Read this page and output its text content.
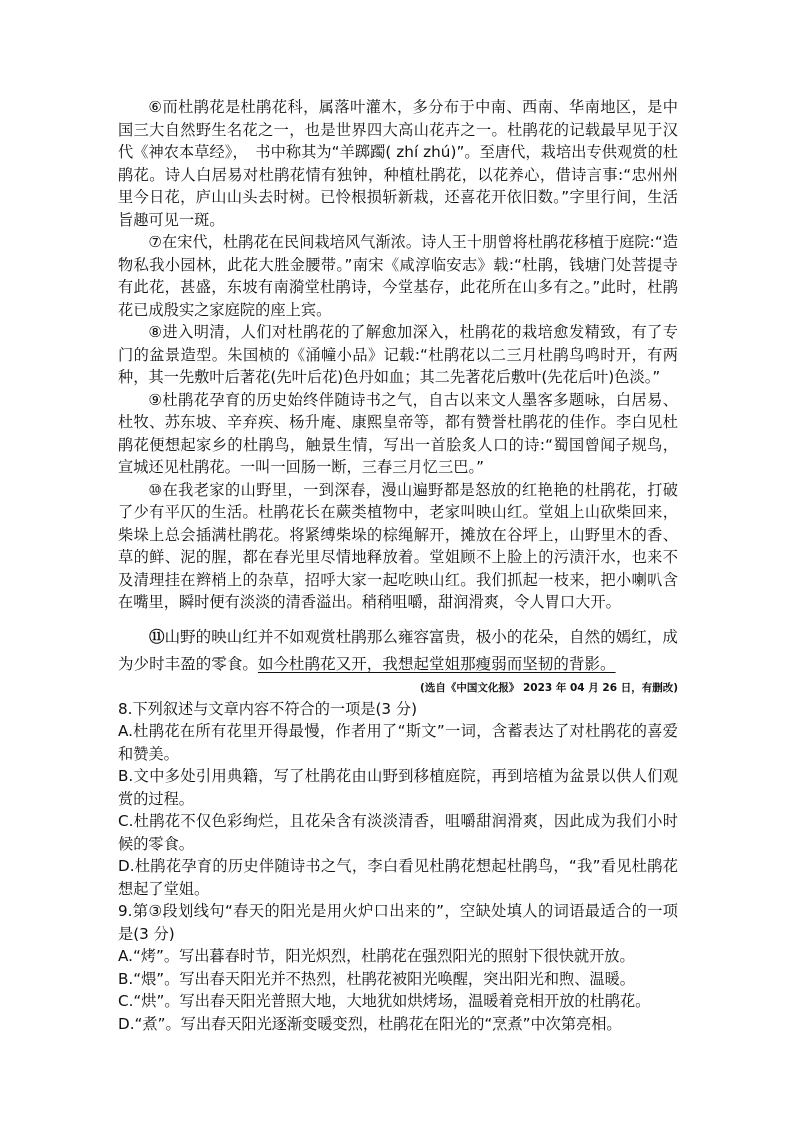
⑥而杜鹃花是杜鹃花科，属落叶灌木，多分布于中南、西南、华南地区，是中国三大自然野生名花之一，也是世界四大高山花卉之一。杜鹃花的记载最早见于汉代《神农本草经》，　书中称其为“羊踯躅( zhí zhú)”。至唐代，栽培出专供观赏的杜鹃花。诗人白居易对杜鹃花情有独钟，种植杜鹃花，以花养心，借诗言事:“忠州州里今日花，庐山山头去时树。已怜根损斩新栽，还喜花开依旧数。”字里行间，生活旨趣可见一斑。

⑦在宋代，杜鹃花在民间栽培风气渐浓。诗人王十朋曾将杜鹃花移植于庭院:“造物私我小园林，此花大胜金腰带。”南宋《咸淳临安志》载:“杜鹃，钱塘门处菩提寺有此花，甚盛，东坡有南漪堂杜鹃诗，今堂基存，此花所在山多有之。”此时，杜鹃花已成殷实之家庭院的座上宾。

⑧进入明清，人们对杜鹃花的了解愈加深入，杜鹃花的栽培愈发精致，有了专门的盆景造型。朱国桢的《涌幢小品》记载:“杜鹃花以二三月杜鹃鸟鸣时开，有两种，其一先敷叶后著花(先叶后花)色丹如血；其二先著花后敷叶(先花后叶)色淡。”

⑨杜鹃花孕育的历史始终伴随诗书之气，自古以来文人墨客多题咏，白居易、杜牧、苏东坡、辛弃疾、杨升庵、康熙皇帝等，都有赞誉杜鹃花的佳作。李白见杜鹃花便想起家乡的杜鹃鸟，触景生情，写出一首脍炙人口的诗:“蜀国曾闻子规鸟，宣城还见杜鹃花。一叫一回肠一断，三春三月忆三巴。”

⑩在我老家的山野里，一到深春，漫山遍野都是怒放的红艳艳的杜鹃花，打破了少有平仄的生活。杜鹃花长在蕨类植物中，老家叫映山红。堂姐上山砍柴回来，柴垛上总会插满杜鹃花。将紧缚柴垛的棕绳解开，摊放在谷坪上，山野里木的香、草的鲜、泥的腥，都在春光里尽情地释放着。堂姐顾不上脸上的污渍汗水，也来不及清理挂在辫梢上的杂草，招呼大家一起吃映山红。我们抓起一枝来，把小喇叭含在嘴里，瞬时便有淡淡的清香溢出。稍稍咀嚼，甜润滑爽，令人胃口大开。

⑪山野的映山红并不如观赏杜鹃那么雍容富贵，极小的花朵，自然的嫣红，成为少时丰盈的零食。如今杜鹃花又开，我想起堂姐那瘦弱而坚韧的背影。

(选自《中国文化报》 2023 年 04 月 26 日，有删改)

8.下列叙述与文章内容不符合的一项是(3 分)

A.杜鹃花在所有花里开得最慢，作者用了“斯文”一词，含蓄表达了对杜鹃花的喜爱和赞美。

B.文中多处引用典籍，写了杜鹃花由山野到移植庭院，再到培植为盆景以供人们观赏的过程。

C.杜鹃花不仅色彩绚烂，且花朵含有淡淡清香，咀嚼甜润滑爽，因此成为我们小时候的零食。

D.杜鹃花孕育的历史伴随诗书之气，李白看见杜鹃花想起杜鹃鸟，“我”看见杜鹃花想起了堂姐。

9.第③段划线句“春天的阳光是用火炉口出来的”，空缺处填人的词语最适合的一项是(3 分)

A.“烤”。写出暮春时节，阳光炽烈，杜鹃花在强烈阳光的照射下很快就开放。

B.“煨”。写出春天阳光并不热烈，杜鹃花被阳光唤醒，突出阳光和煦、温暖。

C.“烘”。写出春天阳光普照大地，大地犹如烘烤场，温暖着竞相开放的杜鹃花。

D.“煮”。写出春天阳光逐渐变暖变烈，杜鹃花在阳光的“烹煮”中次第亮相。
